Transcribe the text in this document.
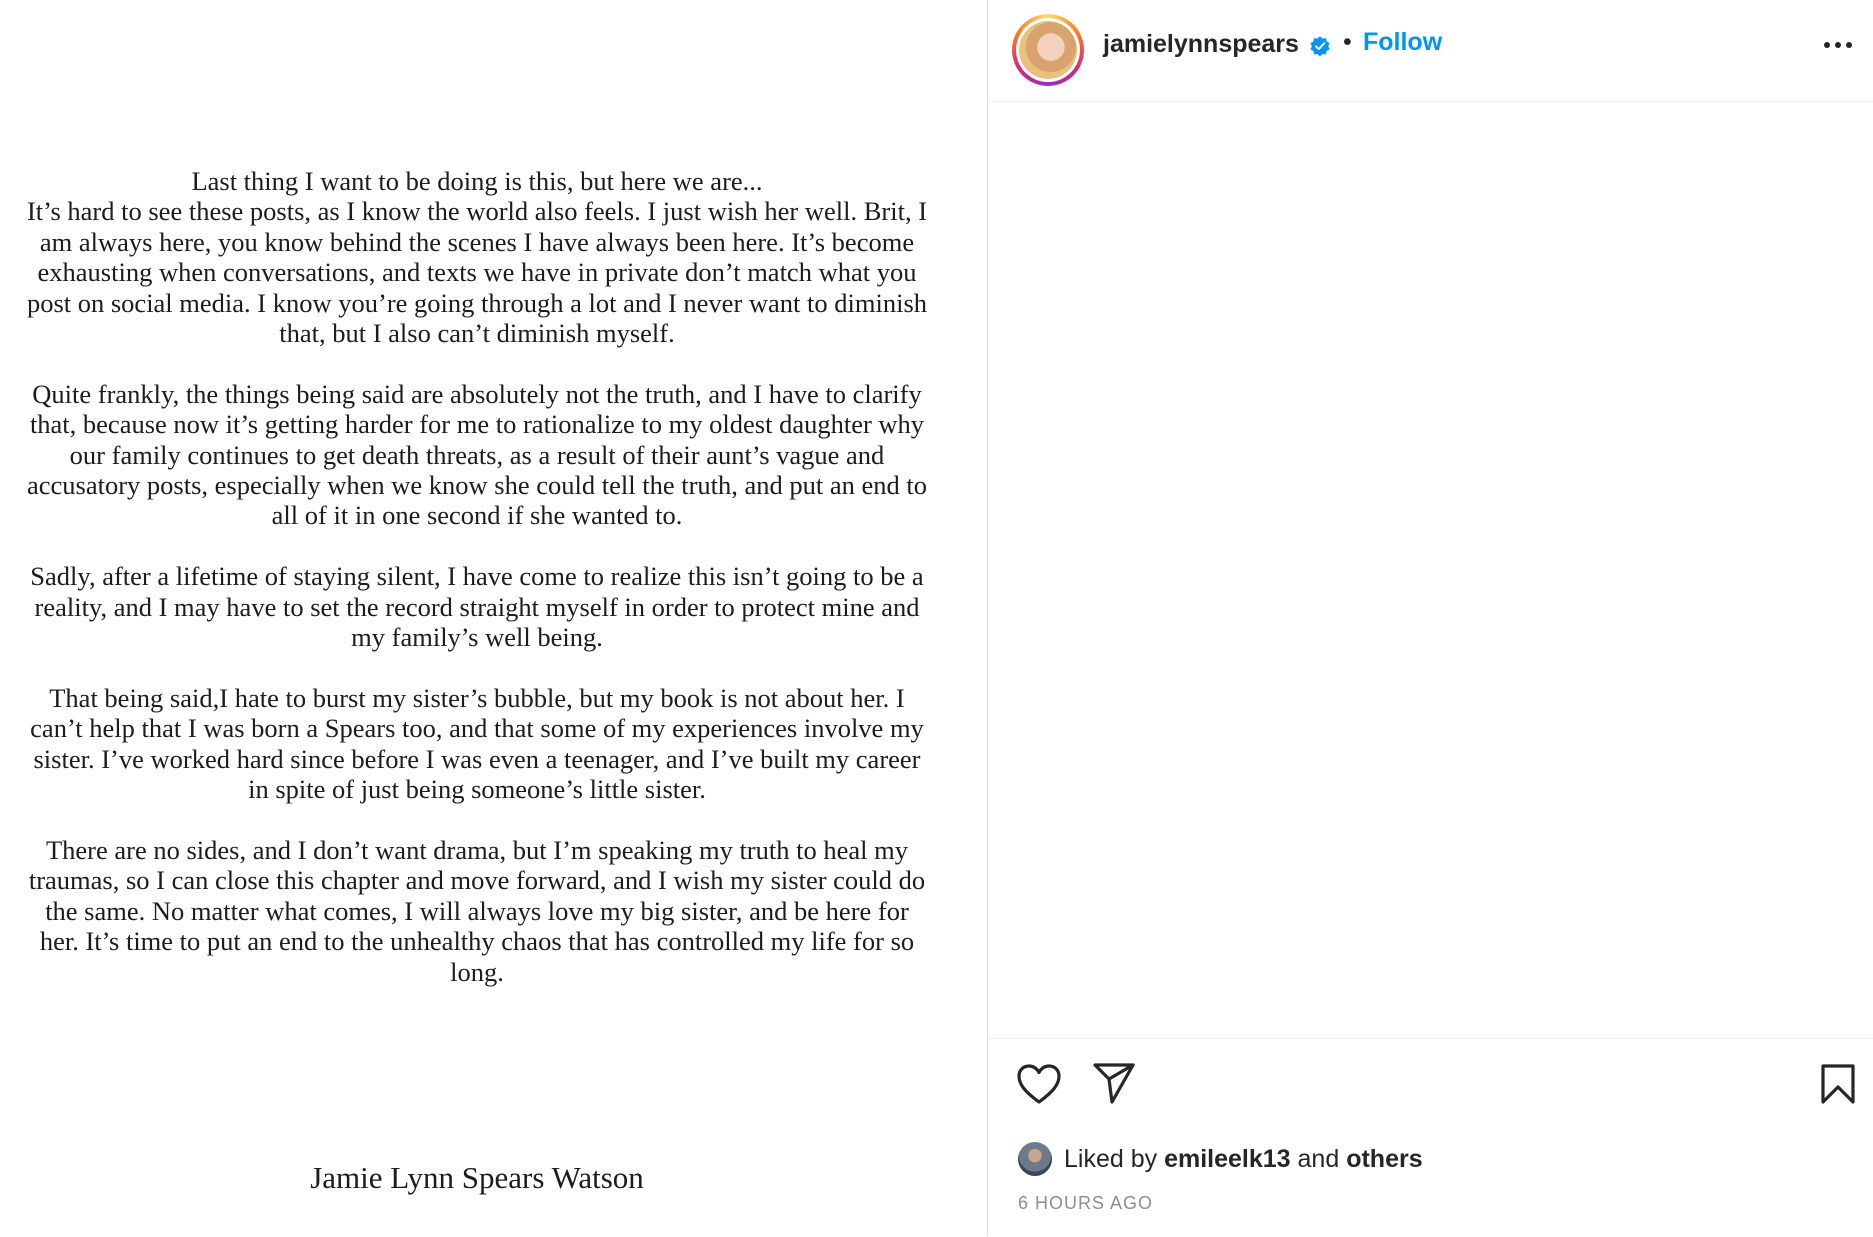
Last thing I want to be doing is this, but here we are...
It’s hard to see these posts, as I know the world also feels. I just wish her well. Brit, I am always here, you know behind the scenes I have always been here. It’s become exhausting when conversations, and texts we have in private don’t match what you post on social media. I know you’re going through a lot and I never want to diminish that, but I also can’t diminish myself.

Quite frankly, the things being said are absolutely not the truth, and I have to clarify that, because now it’s getting harder for me to rationalize to my oldest daughter why our family continues to get death threats, as a result of their aunt’s vague and accusatory posts, especially when we know she could tell the truth, and put an end to all of it in one second if she wanted to.

Sadly, after a lifetime of staying silent, I have come to realize this isn’t going to be a reality, and I may have to set the record straight myself in order to protect mine and my family’s well being.

That being said,I hate to burst my sister’s bubble, but my book is not about her. I can’t help that I was born a Spears too, and that some of my experiences involve my sister. I’ve worked hard since before I was even a teenager, and I’ve built my career in spite of just being someone’s little sister.

There are no sides, and I don’t want drama, but I’m speaking my truth to heal my traumas, so I can close this chapter and move forward, and I wish my sister could do the same. No matter what comes, I will always love my big sister, and be here for her. It’s time to put an end to the unhealthy chaos that has controlled my life for so long.

Jamie Lynn Spears Watson
jamielynnspears • Follow
Liked by
emileelk13
and
others
6 HOURS AGO
